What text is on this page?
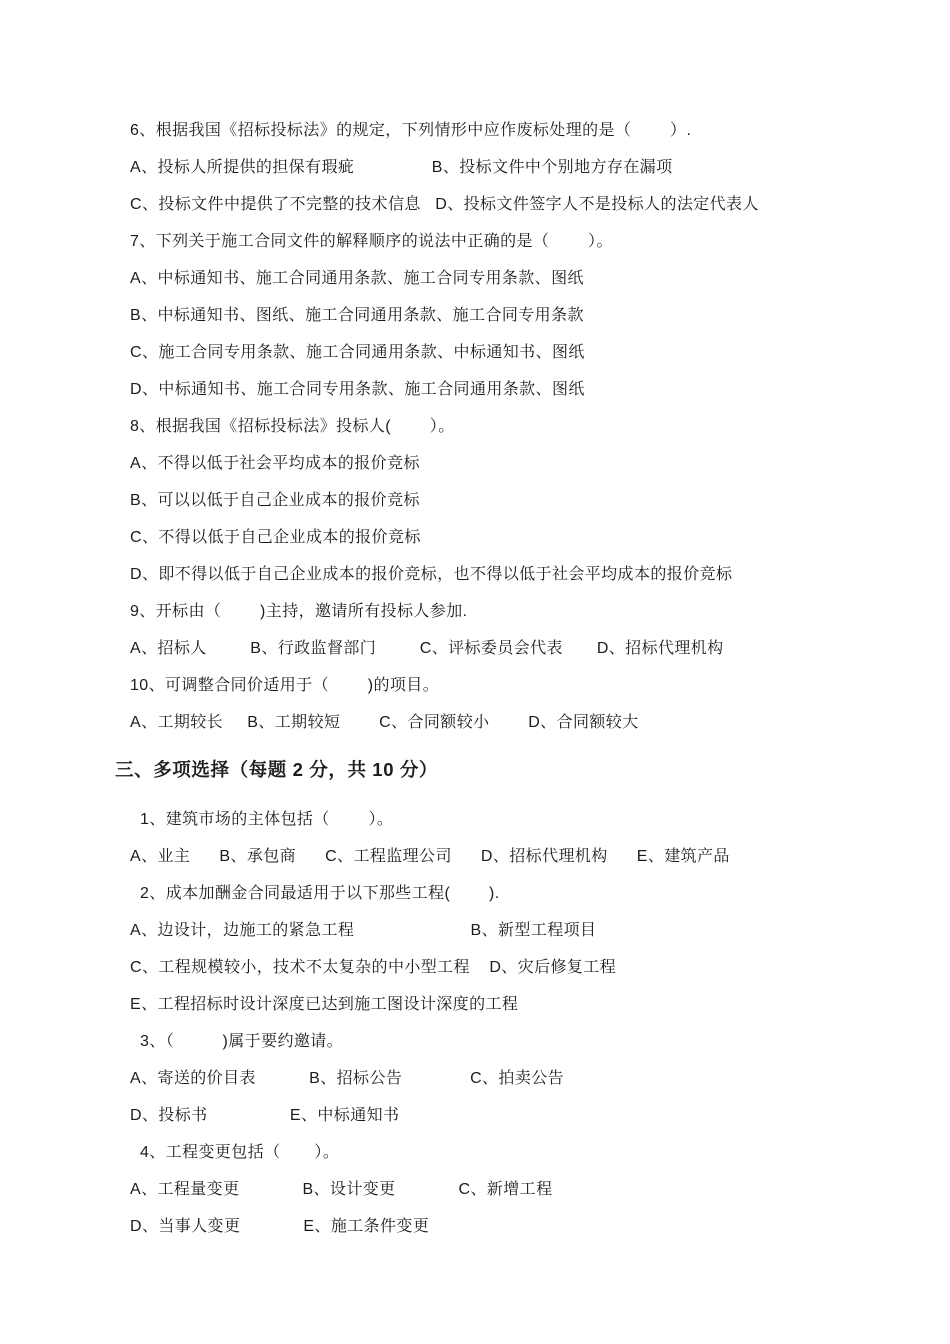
6、根据我国《招标投标法》的规定，下列情形中应作废标处理的是（        ）.
A、投标人所提供的担保有瑕疵                B、投标文件中个别地方存在漏项
C、投标文件中提供了不完整的技术信息   D、投标文件签字人不是投标人的法定代表人
7、下列关于施工合同文件的解释顺序的说法中正确的是（        ）。
A、中标通知书、施工合同通用条款、施工合同专用条款、图纸
B、中标通知书、图纸、施工合同通用条款、施工合同专用条款
C、施工合同专用条款、施工合同通用条款、中标通知书、图纸
D、中标通知书、施工合同专用条款、施工合同通用条款、图纸
8、根据我国《招标投标法》投标人(        ）。
A、不得以低于社会平均成本的报价竞标
B、可以以低于自己企业成本的报价竞标
C、不得以低于自己企业成本的报价竞标
D、即不得以低于自己企业成本的报价竞标，也不得以低于社会平均成本的报价竞标
9、开标由（        )主持，邀请所有投标人参加.
A、招标人         B、行政监督部门         C、评标委员会代表       D、招标代理机构
10、可调整合同价适用于（        )的项目。
A、工期较长     B、工期较短        C、合同额较小        D、合同额较大
三、多项选择（每题 2 分，共 10 分）
1、建筑市场的主体包括（        ）。
A、业主      B、承包商      C、工程监理公司      D、招标代理机构      E、建筑产品
2、成本加酬金合同最适用于以下那些工程(        ).
A、边设计，边施工的紧急工程                        B、新型工程项目
C、工程规模较小，技术不太复杂的中小型工程    D、灾后修复工程
E、工程招标时设计深度已达到施工图设计深度的工程
3、（          )属于要约邀请。
A、寄送的价目表           B、招标公告              C、拍卖公告
D、投标书                 E、中标通知书
4、工程变更包括（       ）。
A、工程量变更             B、设计变更             C、新增工程
D、当事人变更             E、施工条件变更
